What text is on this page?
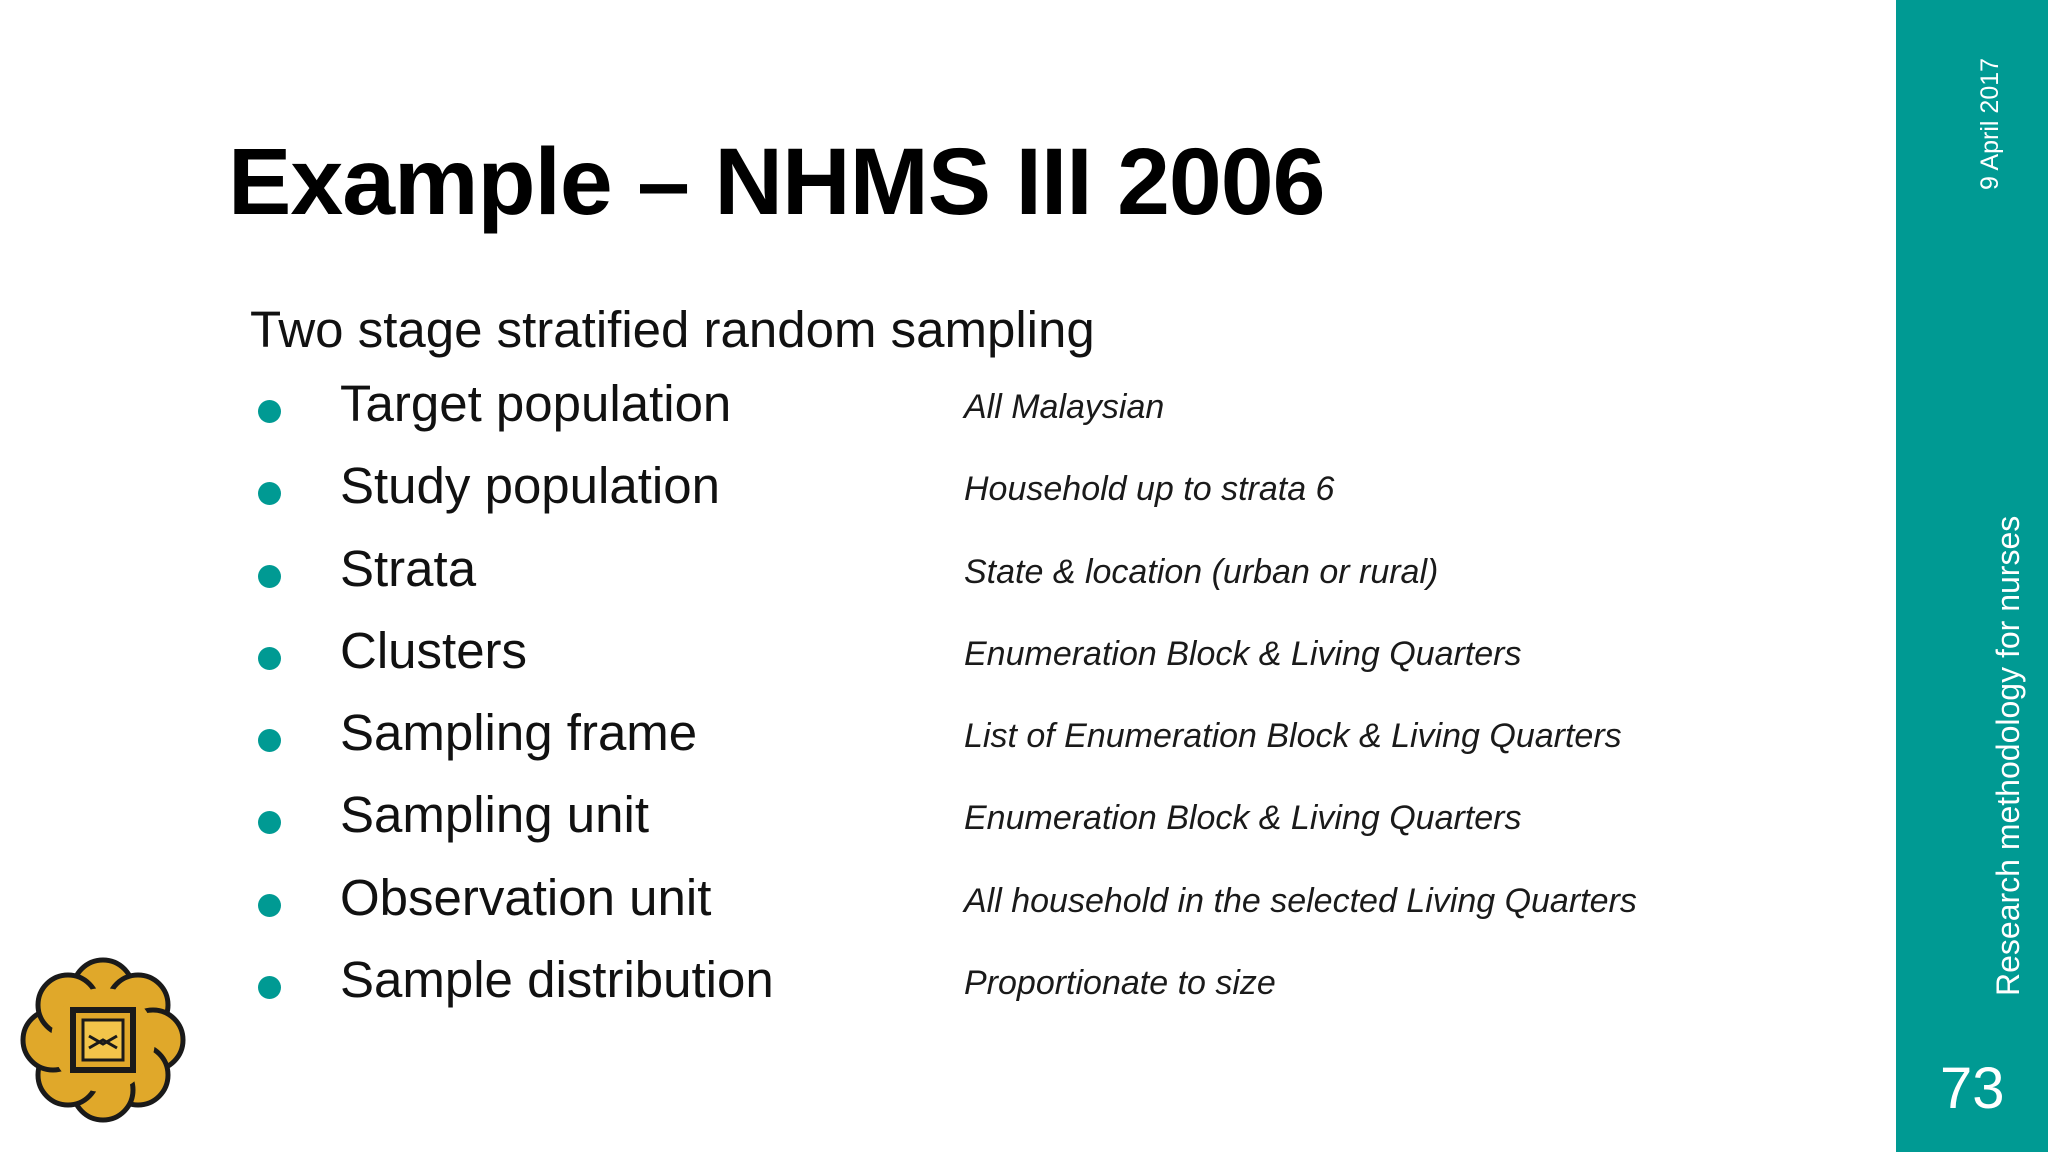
Example – NHMS III 2006
Two stage stratified random sampling
Target population	All Malaysian
Study population	Household up to strata 6
Strata	State & location (urban or rural)
Clusters	Enumeration Block & Living Quarters
Sampling frame	List of Enumeration Block & Living Quarters
Sampling unit	Enumeration Block & Living Quarters
Observation unit	All household in the selected Living Quarters
Sample distribution	Proportionate to size
9 April 2017
Research methodology for nurses
73
